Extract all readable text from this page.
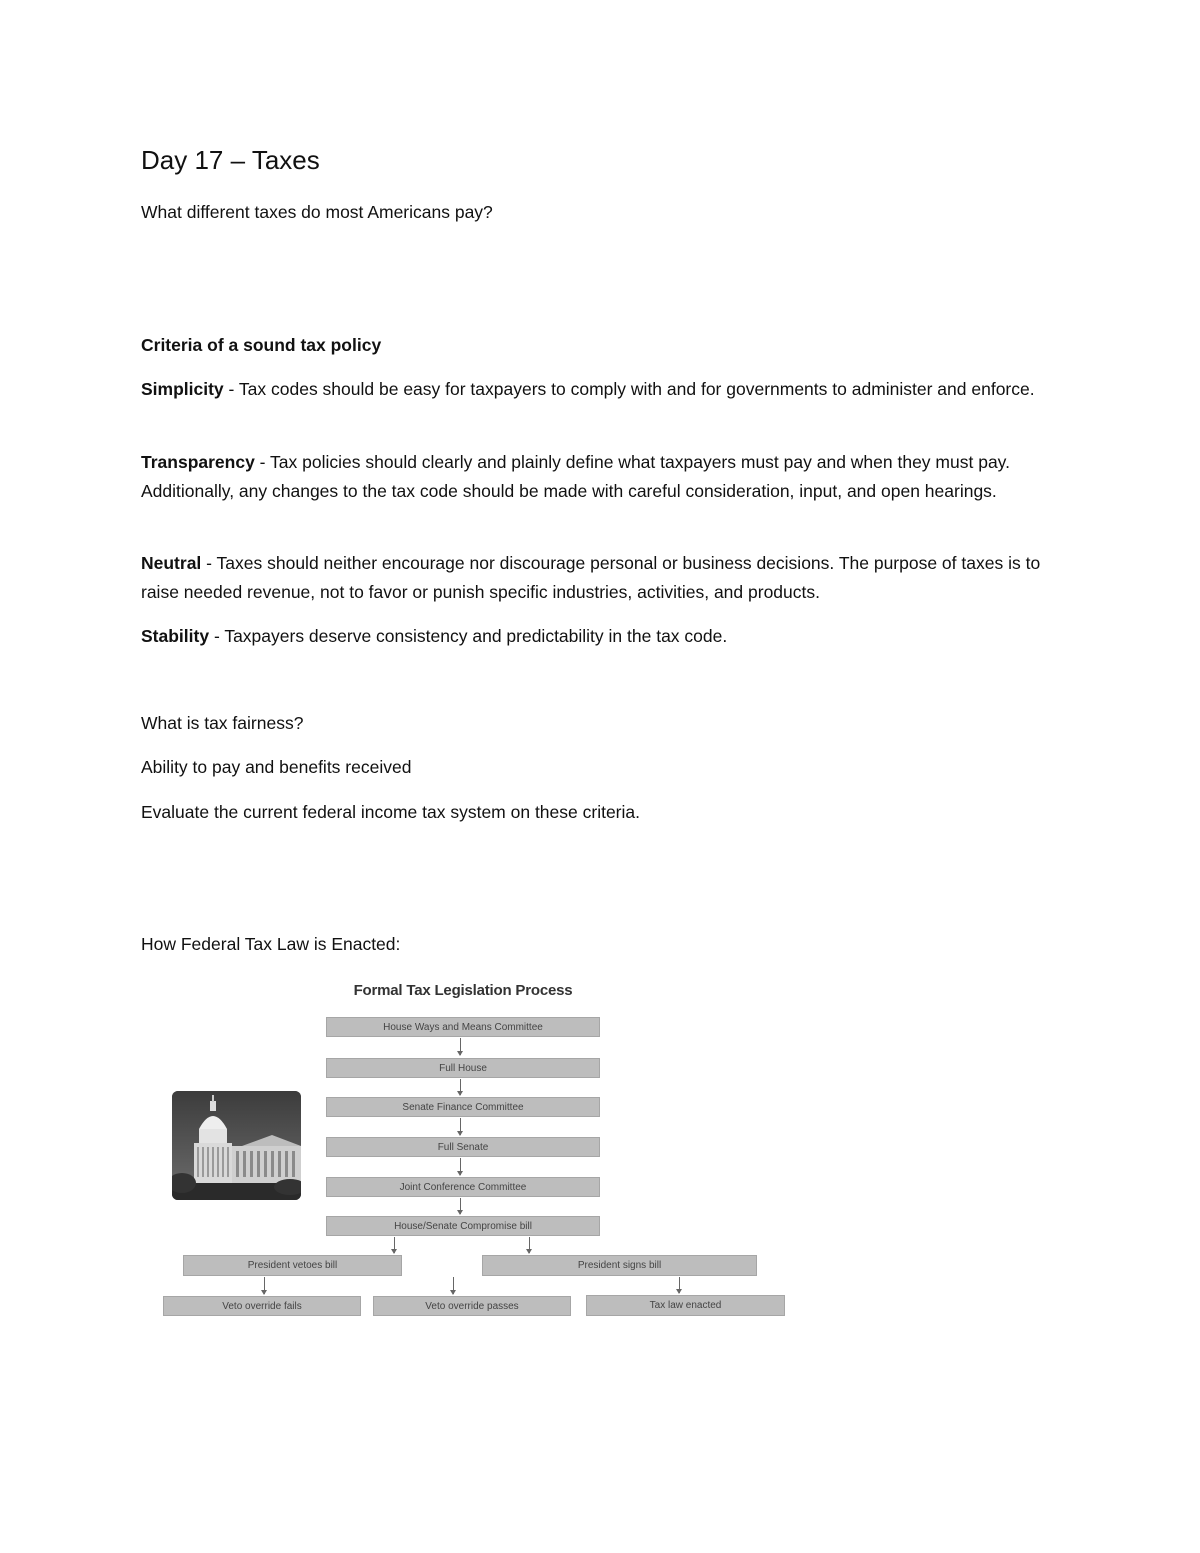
Day 17 – Taxes

What different taxes do most Americans pay?

Criteria of a sound tax policy

Simplicity - Tax codes should be easy for taxpayers to comply with and for governments to administer and enforce.

Transparency - Tax policies should clearly and plainly define what taxpayers must pay and when they must pay. Additionally, any changes to the tax code should be made with careful consideration, input, and open hearings.

Neutral - Taxes should neither encourage nor discourage personal or business decisions. The purpose of taxes is to raise needed revenue, not to favor or punish specific industries, activities, and products.

Stability - Taxpayers deserve consistency and predictability in the tax code.

What is tax fairness?

Ability to pay and benefits received

Evaluate the current federal income tax system on these criteria.

How Federal Tax Law is Enacted:

Formal Tax Legislation Process
House Ways and Means Committee
Full House
Senate Finance Committee
Full Senate
Joint Conference Committee
House/Senate Compromise bill
President vetoes bill	President signs bill
Veto override fails	Veto override passes	Tax law enacted
